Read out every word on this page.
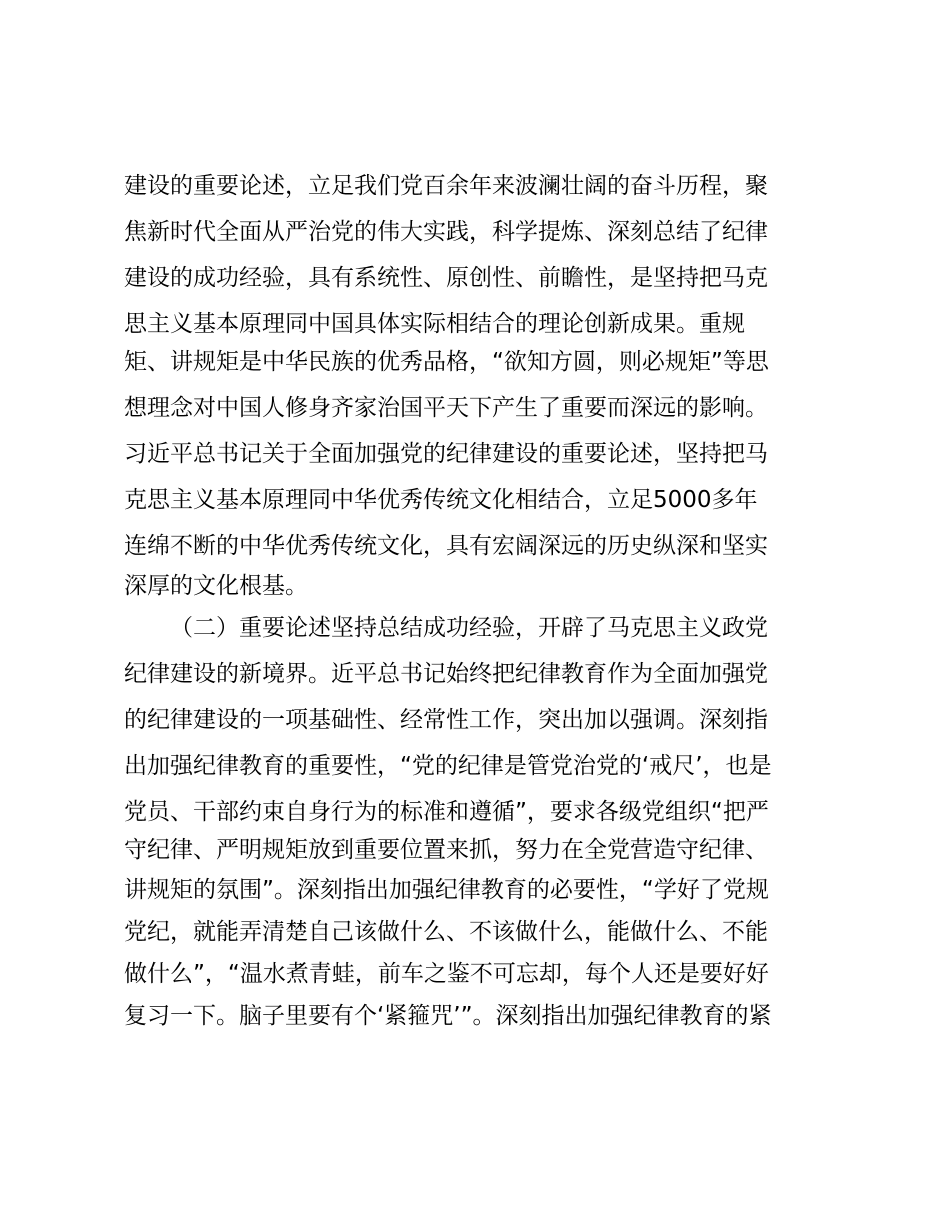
建设的重要论述，立足我们党百余年来波澜壮阔的奋斗历程，聚
焦新时代全面从严治党的伟大实践，科学提炼、深刻总结了纪律
建设的成功经验，具有系统性、原创性、前瞻性，是坚持把马克
思主义基本原理同中国具体实际相结合的理论创新成果。重规
矩、讲规矩是中华民族的优秀品格，“欲知方圆，则必规矩”等思
想理念对中国人修身齐家治国平天下产生了重要而深远的影响。
习近平总书记关于全面加强党的纪律建设的重要论述，坚持把马
克思主义基本原理同中华优秀传统文化相结合，立足5000多年
连绵不断的中华优秀传统文化，具有宏阔深远的历史纵深和坚实
深厚的文化根基。
（二）重要论述坚持总结成功经验，开辟了马克思主义政党
纪律建设的新境界。近平总书记始终把纪律教育作为全面加强党
的纪律建设的一项基础性、经常性工作，突出加以强调。深刻指
出加强纪律教育的重要性，“党的纪律是管党治党的‘戒尺’，也是
党员、干部约束自身行为的标准和遵循”，要求各级党组织“把严
守纪律、严明规矩放到重要位置来抓，努力在全党营造守纪律、
讲规矩的氛围”。深刻指出加强纪律教育的必要性，“学好了党规
党纪，就能弄清楚自己该做什么、不该做什么，能做什么、不能
做什么”，“温水煮青蛙，前车之鉴不可忘却，每个人还是要好好
复习一下。脑子里要有个‘紧箍咒’”。深刻指出加强纪律教育的紧
